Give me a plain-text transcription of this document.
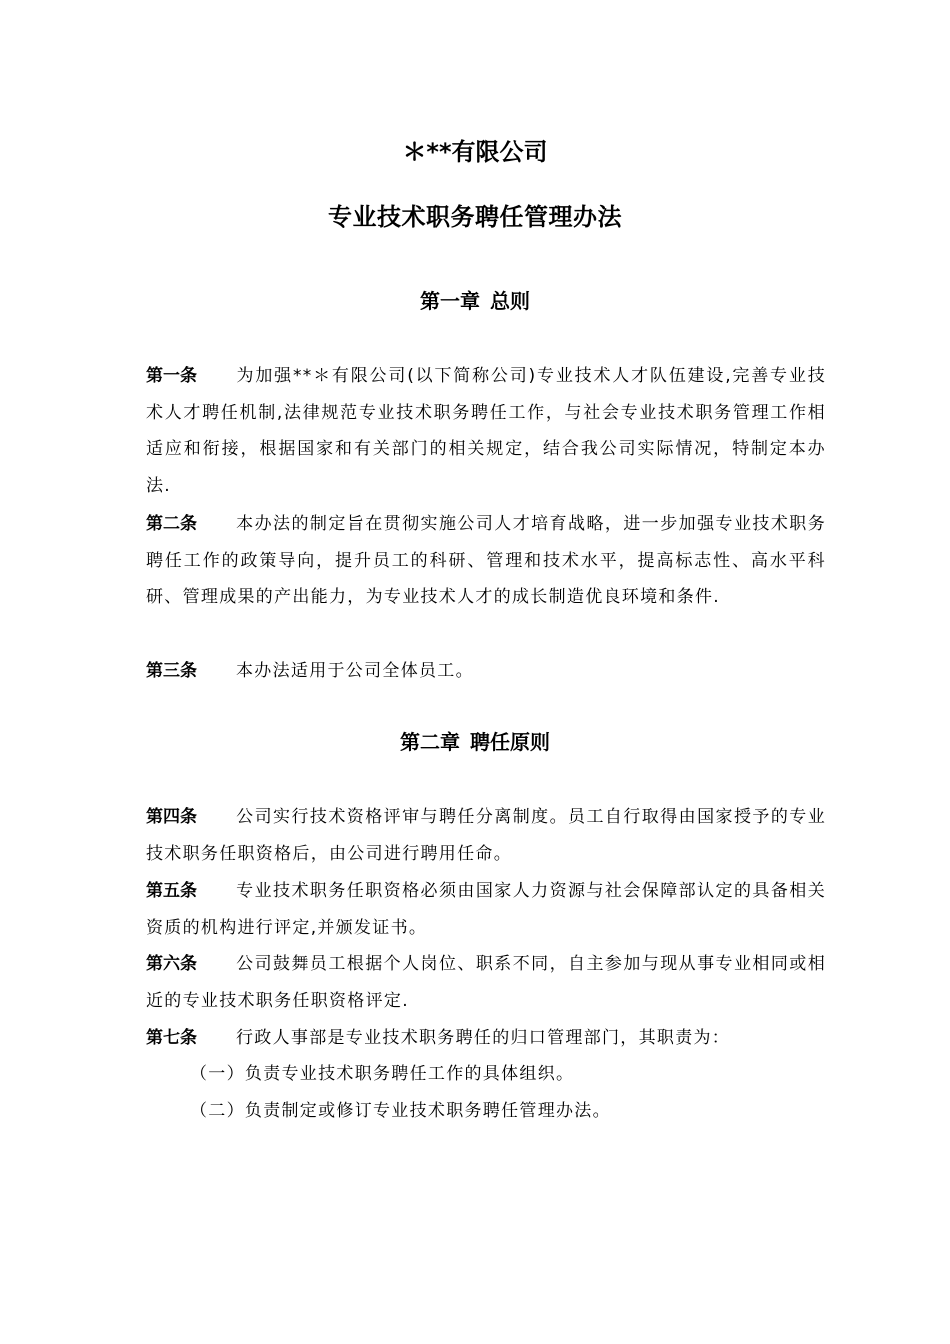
＊**有限公司
专业技术职务聘任管理办法
第一章 总则
第一条 为加强**＊有限公司(以下简称公司)专业技术人才队伍建设,完善专业技术人才聘任机制,法律规范专业技术职务聘任工作，与社会专业技术职务管理工作相适应和衔接，根据国家和有关部门的相关规定，结合我公司实际情况，特制定本办法.
第二条 本办法的制定旨在贯彻实施公司人才培育战略，进一步加强专业技术职务聘任工作的政策导向，提升员工的科研、管理和技术水平，提高标志性、高水平科研、管理成果的产出能力，为专业技术人才的成长制造优良环境和条件.
第三条 本办法适用于公司全体员工。
第二章 聘任原则
第四条 公司实行技术资格评审与聘任分离制度。员工自行取得由国家授予的专业技术职务任职资格后，由公司进行聘用任命。
第五条 专业技术职务任职资格必须由国家人力资源与社会保障部认定的具备相关资质的机构进行评定,并颁发证书。
第六条 公司鼓舞员工根据个人岗位、职系不同，自主参加与现从事专业相同或相近的专业技术职务任职资格评定.
第七条 行政人事部是专业技术职务聘任的归口管理部门，其职责为：
（一）负责专业技术职务聘任工作的具体组织。
（二）负责制定或修订专业技术职务聘任管理办法。
